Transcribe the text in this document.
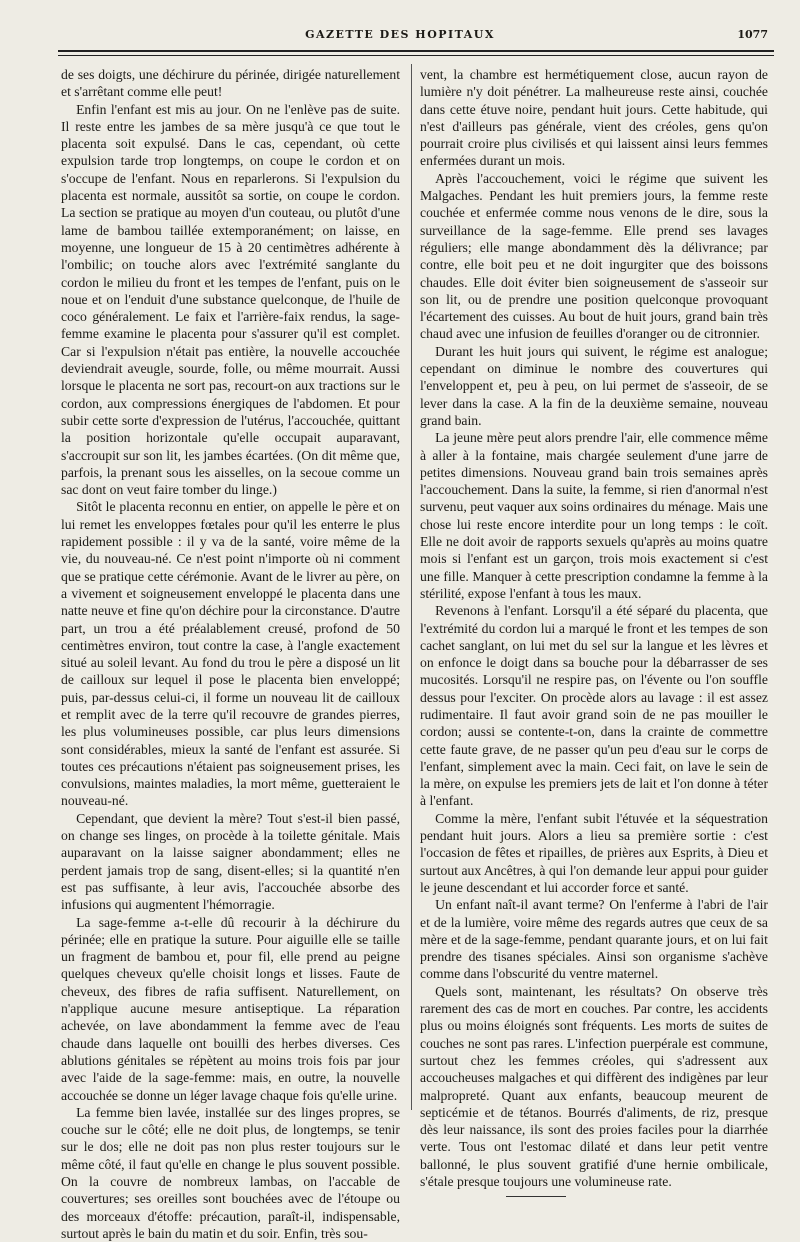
GAZETTE DES HOPITAUX	1077

de ses doigts, une déchirure du périnée, dirigée naturellement et s'arrêtant comme elle peut!

Enfin l'enfant est mis au jour. On ne l'enlève pas de suite. Il reste entre les jambes de sa mère jusqu'à ce que tout le placenta soit expulsé. Dans le cas, cependant, où cette expulsion tarde trop longtemps, on coupe le cordon et on s'occupe de l'enfant. Nous en reparlerons. Si l'expulsion du placenta est normale, aussitôt sa sortie, on coupe le cordon. La section se pratique au moyen d'un couteau, ou plutôt d'une lame de bambou taillée extemporanément; on laisse, en moyenne, une longueur de 15 à 20 centimètres adhérente à l'ombilic; on touche alors avec l'extrémité sanglante du cordon le milieu du front et les tempes de l'enfant, puis on le noue et on l'enduit d'une substance quelconque, de l'huile de coco généralement. Le faix et l'arrière-faix rendus, la sage-femme examine le placenta pour s'assurer qu'il est complet. Car si l'expulsion n'était pas entière, la nouvelle accouchée deviendrait aveugle, sourde, folle, ou même mourrait. Aussi lorsque le placenta ne sort pas, recourt-on aux tractions sur le cordon, aux compressions énergiques de l'abdomen. Et pour subir cette sorte d'expression de l'utérus, l'accouchée, quittant la position horizontale qu'elle occupait auparavant, s'accroupit sur son lit, les jambes écartées. (On dit même que, parfois, la prenant sous les aisselles, on la secoue comme un sac dont on veut faire tomber du linge.)

Sitôt le placenta reconnu en entier, on appelle le père et on lui remet les enveloppes fœtales pour qu'il les enterre le plus rapidement possible : il y va de la santé, voire même de la vie, du nouveau-né. Ce n'est point n'importe où ni comment que se pratique cette cérémonie. Avant de le livrer au père, on a vivement et soigneusement enveloppé le placenta dans une natte neuve et fine qu'on déchire pour la circonstance. D'autre part, un trou a été préalablement creusé, profond de 50 centimètres environ, tout contre la case, à l'angle exactement situé au soleil levant. Au fond du trou le père a disposé un lit de cailloux sur lequel il pose le placenta bien enveloppé; puis, par-dessus celui-ci, il forme un nouveau lit de cailloux et remplit avec de la terre qu'il recouvre de grandes pierres, les plus volumineuses possible, car plus leurs dimensions sont considérables, mieux la santé de l'enfant est assurée. Si toutes ces précautions n'étaient pas soigneusement prises, les convulsions, maintes maladies, la mort même, guetteraient le nouveau-né.

Cependant, que devient la mère? Tout s'est-il bien passé, on change ses linges, on procède à la toilette génitale. Mais auparavant on la laisse saigner abondamment; elles ne perdent jamais trop de sang, disent-elles; si la quantité n'en est pas suffisante, à leur avis, l'accouchée absorbe des infusions qui augmentent l'hémorragie.

La sage-femme a-t-elle dû recourir à la déchirure du périnée; elle en pratique la suture. Pour aiguille elle se taille un fragment de bambou et, pour fil, elle prend au peigne quelques cheveux qu'elle choisit longs et lisses. Faute de cheveux, des fibres de rafia suffisent. Naturellement, on n'applique aucune mesure antiseptique. La réparation achevée, on lave abondamment la femme avec de l'eau chaude dans laquelle ont bouilli des herbes diverses. Ces ablutions génitales se répètent au moins trois fois par jour avec l'aide de la sage-femme: mais, en outre, la nouvelle accouchée se donne un léger lavage chaque fois qu'elle urine.

La femme bien lavée, installée sur des linges propres, se couche sur le côté; elle ne doit plus, de longtemps, se tenir sur le dos; elle ne doit pas non plus rester toujours sur le même côté, il faut qu'elle en change le plus souvent possible. On la couvre de nombreux lambas, on l'accable de couvertures; ses oreilles sont bouchées avec de l'étoupe ou des morceaux d'étoffe: précaution, paraît-il, indispensable, surtout après le bain du matin et du soir. Enfin, très sou-

vent, la chambre est hermétiquement close, aucun rayon de lumière n'y doit pénétrer. La malheureuse reste ainsi, couchée dans cette étuve noire, pendant huit jours. Cette habitude, qui n'est d'ailleurs pas générale, vient des créoles, gens qu'on pourrait croire plus civilisés et qui laissent ainsi leurs femmes enfermées durant un mois.

Après l'accouchement, voici le régime que suivent les Malgaches. Pendant les huit premiers jours, la femme reste couchée et enfermée comme nous venons de le dire, sous la surveillance de la sage-femme. Elle prend ses lavages réguliers; elle mange abondamment dès la délivrance; par contre, elle boit peu et ne doit ingurgiter que des boissons chaudes. Elle doit éviter bien soigneusement de s'asseoir sur son lit, ou de prendre une position quelconque provoquant l'écartement des cuisses. Au bout de huit jours, grand bain très chaud avec une infusion de feuilles d'oranger ou de citronnier.

Durant les huit jours qui suivent, le régime est analogue; cependant on diminue le nombre des couvertures qui l'enveloppent et, peu à peu, on lui permet de s'asseoir, de se lever dans la case. A la fin de la deuxième semaine, nouveau grand bain.

La jeune mère peut alors prendre l'air, elle commence même à aller à la fontaine, mais chargée seulement d'une jarre de petites dimensions. Nouveau grand bain trois semaines après l'accouchement. Dans la suite, la femme, si rien d'anormal n'est survenu, peut vaquer aux soins ordinaires du ménage. Mais une chose lui reste encore interdite pour un long temps : le coït. Elle ne doit avoir de rapports sexuels qu'après au moins quatre mois si l'enfant est un garçon, trois mois exactement si c'est une fille. Manquer à cette prescription condamne la femme à la stérilité, expose l'enfant à tous les maux.

Revenons à l'enfant. Lorsqu'il a été séparé du placenta, que l'extrémité du cordon lui a marqué le front et les tempes de son cachet sanglant, on lui met du sel sur la langue et les lèvres et on enfonce le doigt dans sa bouche pour la débarrasser de ses mucosités. Lorsqu'il ne respire pas, on l'évente ou l'on souffle dessus pour l'exciter. On procède alors au lavage : il est assez rudimentaire. Il faut avoir grand soin de ne pas mouiller le cordon; aussi se contente-t-on, dans la crainte de commettre cette faute grave, de ne passer qu'un peu d'eau sur le corps de l'enfant, simplement avec la main. Ceci fait, on lave le sein de la mère, on expulse les premiers jets de lait et l'on donne à téter à l'enfant.

Comme la mère, l'enfant subit l'étuvée et la séquestration pendant huit jours. Alors a lieu sa première sortie : c'est l'occasion de fêtes et ripailles, de prières aux Esprits, à Dieu et surtout aux Ancêtres, à qui l'on demande leur appui pour guider le jeune descendant et lui accorder force et santé.

Un enfant naît-il avant terme? On l'enferme à l'abri de l'air et de la lumière, voire même des regards autres que ceux de sa mère et de la sage-femme, pendant quarante jours, et on lui fait prendre des tisanes spéciales. Ainsi son organisme s'achève comme dans l'obscurité du ventre maternel.

Quels sont, maintenant, les résultats? On observe très rarement des cas de mort en couches. Par contre, les accidents plus ou moins éloignés sont fréquents. Les morts de suites de couches ne sont pas rares. L'infection puerpérale est commune, surtout chez les femmes créoles, qui s'adressent aux accoucheuses malgaches et qui diffèrent des indigènes par leur malpropreté. Quant aux enfants, beaucoup meurent de septicémie et de tétanos. Bourrés d'aliments, de riz, presque dès leur naissance, ils sont des proies faciles pour la diarrhée verte. Tous ont l'estomac dilaté et dans leur petit ventre ballonné, le plus souvent gratifié d'une hernie ombilicale, s'étale presque toujours une volumineuse rate.
